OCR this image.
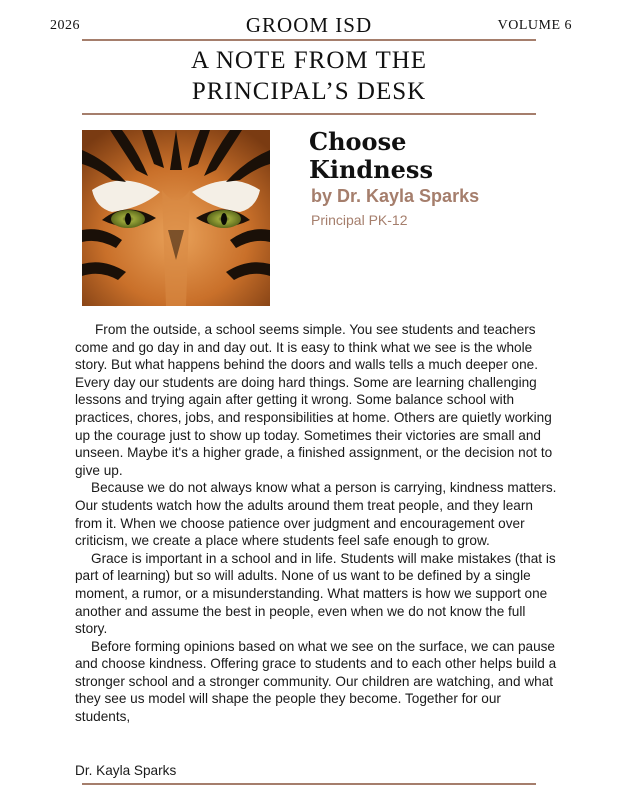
2026	GROOM ISD	VOLUME 6
A NOTE FROM THE
PRINCIPAL’S DESK
Choose
Kindness
by Dr. Kayla Sparks
Principal PK-12

From the outside, a school seems simple. You see students and teachers come and go day in and day out. It is easy to think what we see is the whole story. But what happens behind the doors and walls tells a much deeper one. Every day our students are doing hard things. Some are learning challenging lessons and trying again after getting it wrong. Some balance school with practices, chores, jobs, and responsibilities at home. Others are quietly working up the courage just to show up today. Sometimes their victories are small and unseen. Maybe it's a higher grade, a finished assignment, or the decision not to give up.

Because we do not always know what a person is carrying, kindness matters. Our students watch how the adults around them treat people, and they learn from it. When we choose patience over judgment and encouragement over criticism, we create a place where students feel safe enough to grow.

Grace is important in a school and in life. Students will make mistakes (that is part of learning) but so will adults. None of us want to be defined by a single moment, a rumor, or a misunderstanding. What matters is how we support one another and assume the best in people, even when we do not know the full story.

Before forming opinions based on what we see on the surface, we can pause and choose kindness. Offering grace to students and to each other helps build a stronger school and a stronger community. Our children are watching, and what they see us model will shape the people they become. Together for our students,

Dr. Kayla Sparks
